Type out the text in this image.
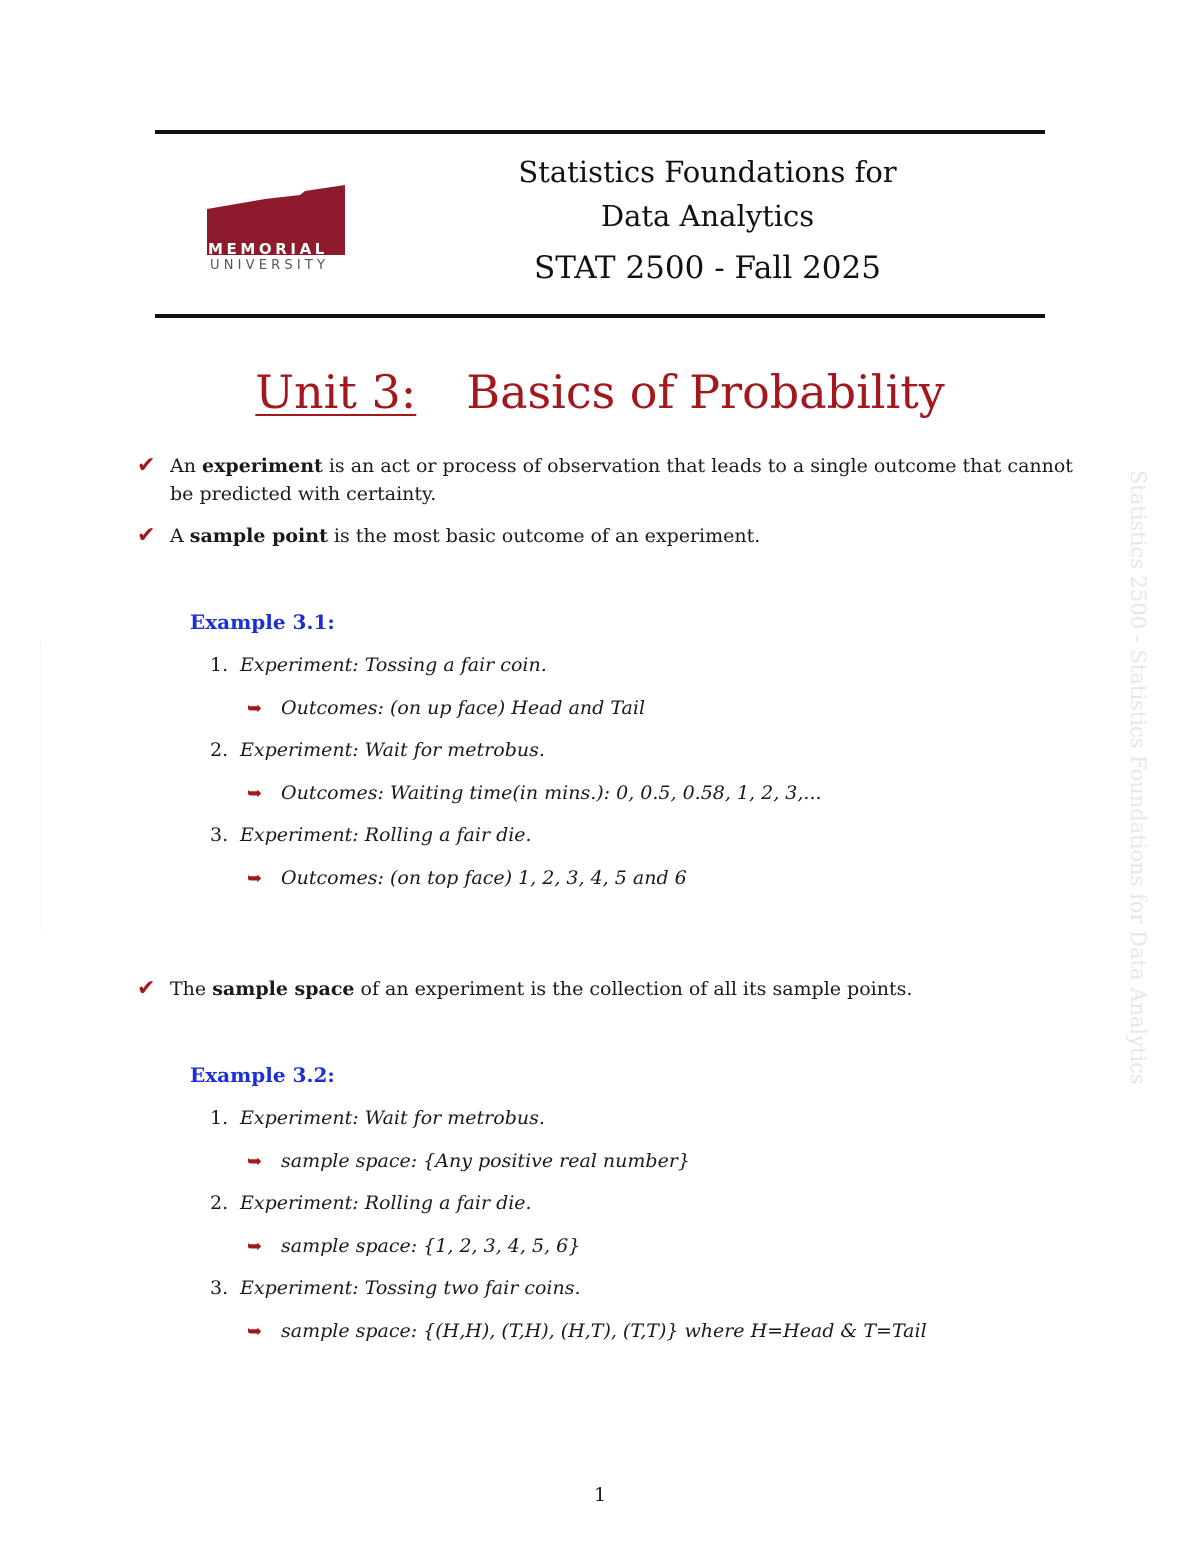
MEMORIAL
UNIVERSITY
Statistics Foundations for
Data Analytics
STAT 2500 - Fall 2025
Unit 3: Basics of Probability
✔ An experiment is an act or process of observation that leads to a single outcome that cannot be predicted with certainty.
✔ A sample point is the most basic outcome of an experiment.
Example 3.1:
1. Experiment: Tossing a fair coin.
➥ Outcomes: (on up face) Head and Tail
2. Experiment: Wait for metrobus.
➥ Outcomes: Waiting time(in mins.): 0, 0.5, 0.58, 1, 2, 3,...
3. Experiment: Rolling a fair die.
➥ Outcomes: (on top face) 1, 2, 3, 4, 5 and 6
✔ The sample space of an experiment is the collection of all its sample points.
Example 3.2:
1. Experiment: Wait for metrobus.
➥ sample space: {Any positive real number}
2. Experiment: Rolling a fair die.
➥ sample space: {1, 2, 3, 4, 5, 6}
3. Experiment: Tossing two fair coins.
➥ sample space: {(H,H), (T,H), (H,T), (T,T)} where H=Head & T=Tail
Statistics 2500 - Statistics Foundations for Data Analytics
1
